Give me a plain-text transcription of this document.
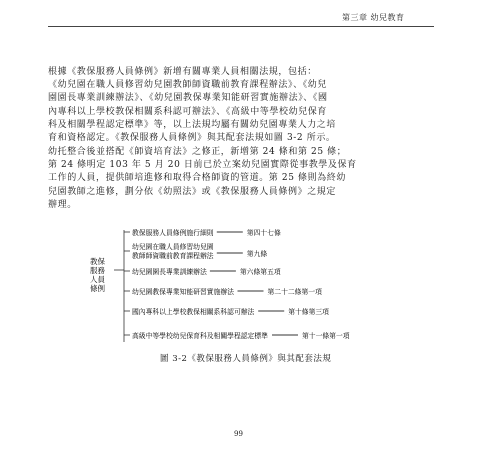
第三章 幼兒教育
根據《教保服務人員條例》新增有關專業人員相關法規，包括：
《幼兒園在職人員修習幼兒園教師師資職前教育課程辦法》、《幼兒
園園長專業訓練辦法》、《幼兒園教保專業知能研習實施辦法》、《國
內專科以上學校教保相關系科認可辦法》、《高級中等學校幼兒保育
科及相關學程認定標準》等，以上法規均屬有關幼兒園專業人力之培
育和資格認定。《教保服務人員條例》與其配套法規如圖 3-2 所示。
幼托整合後並搭配《師資培育法》之修正，新增第 24 條和第 25 條；
第 24 條明定 103 年 5 月 20 日前已於立案幼兒園實際從事教學及保育
工作的人員，提供師培進修和取得合格師資的管道。第 25 條則為終幼
兒園教師之進修，劃分依《幼照法》或《教保服務人員條例》之規定
辦理。
教保
服務
人員
條例
教保服務人員條例施行細則	第四十七條
幼兒園在職人員修習幼兒園
教師師資職前教育課程辦法	第九條
幼兒園園長專業訓練辦法	第六條第五項
幼兒園教保專業知能研習實施辦法	第二十二條第一項
國內專科以上學校教保相關系科認可辦法	第十條第三項
高級中等學校幼兒保育科及相關學程認定標準	第十一條第一項
圖 3-2《教保服務人員條例》與其配套法規
99
